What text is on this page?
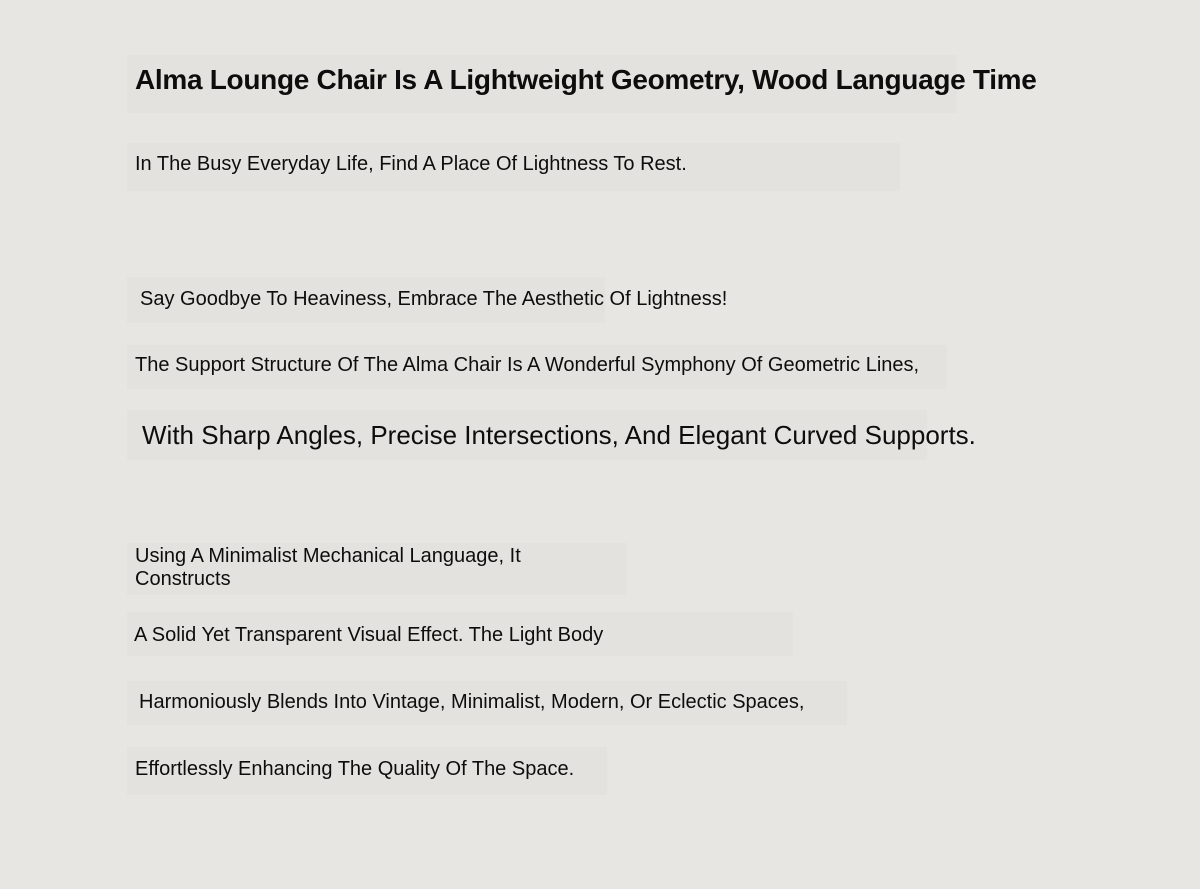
Alma Lounge Chair Is A Lightweight Geometry, Wood Language Time
In The Busy Everyday Life, Find A Place Of Lightness To Rest.

Say Goodbye To Heaviness, Embrace The Aesthetic Of Lightness!

The Support Structure Of The Alma Chair Is A Wonderful Symphony Of Geometric Lines,

With Sharp Angles, Precise Intersections, And Elegant Curved Supports.

Using A Minimalist Mechanical Language, It Constructs

A Solid Yet Transparent Visual Effect. The Light Body

Harmoniously Blends Into Vintage, Minimalist, Modern, Or Eclectic Spaces,

Effortlessly Enhancing The Quality Of The Space.
